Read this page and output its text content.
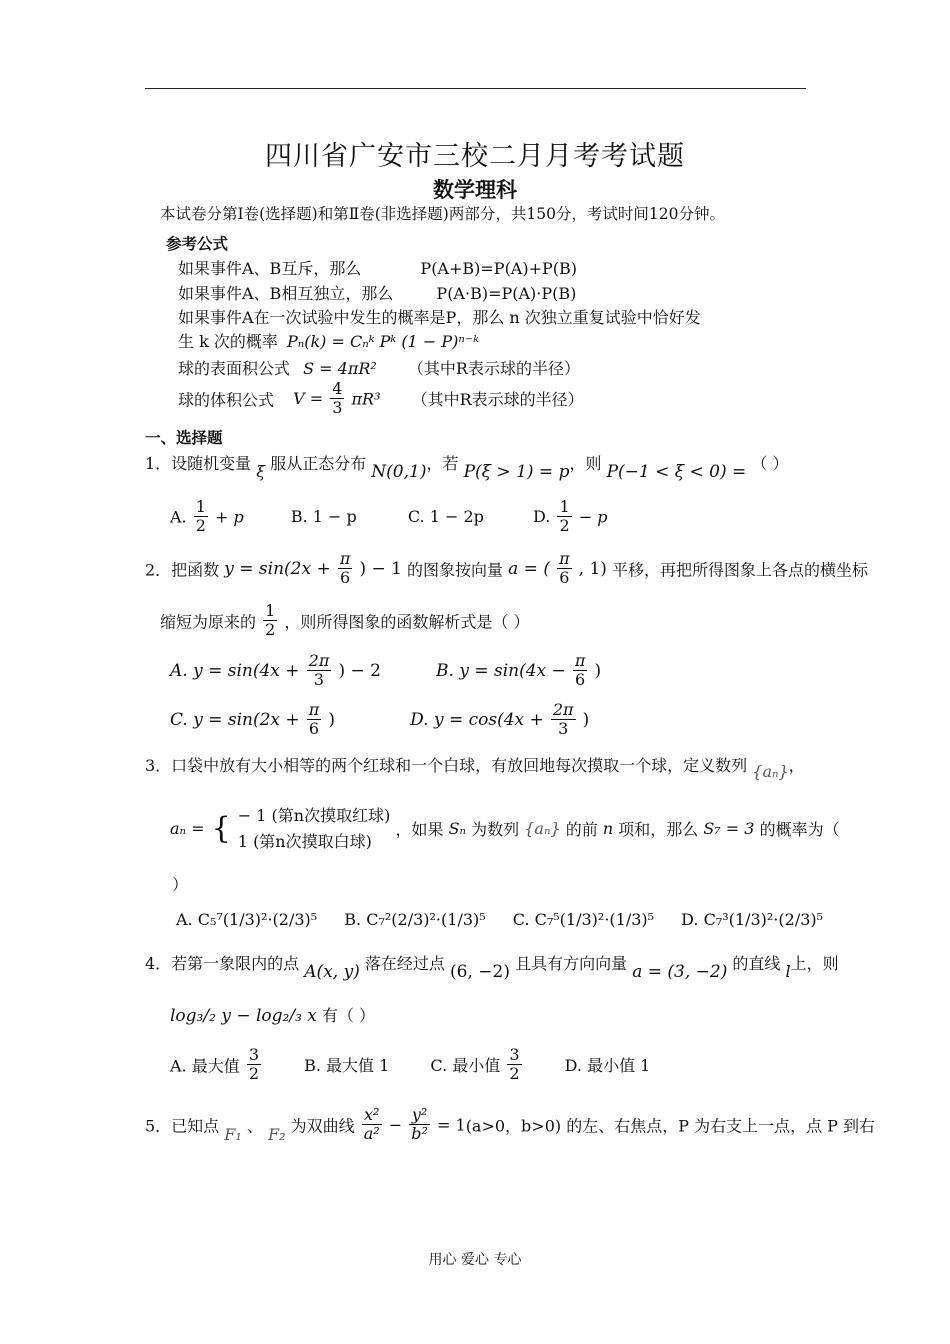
四川省广安市三校二月月考考试题
数学理科
本试卷分第Ⅰ卷(选择题)和第Ⅱ卷(非选择题)两部分，共150分，考试时间120分钟。
参考公式
如果事件A、B互斥，那么	P(A+B)=P(A)+P(B)
如果事件A、B相互独立，那么	P(A·B)=P(A)·P(B)
如果事件A在一次试验中发生的概率是P，那么 n 次独立重复试验中恰好发
生 k 次的概率 Pₙ(k) = Cₙᵏ Pᵏ (1 − P)ⁿ⁻ᵏ
球的表面积公式 S = 4πR² （其中R表示球的半径）
球的体积公式 $V = \frac{4}{3} \pi R^3$ （其中R表示球的半径）
一、选择题
1．设随机变量 ξ 服从正态分布 N(0,1)，若 P(ξ > 1) = p，则 P(−1 < ξ < 0) = （ ）
A. $\frac{1}{2} + p$	B. 1 − p	C. 1 − 2p	D. $\frac{1}{2} - p$
2．把函数 $y = \sin(2x + \frac{\pi}{6}$ ) − 1 的图象按向量 a = ( $\frac{\pi}{6}$ , 1) 平移，再把所得图象上各点的横坐标
缩短为原来的 $\frac{1}{2}$ ，则所得图象的函数解析式是（ ）
A. $y = \sin(4x + \frac{2\pi}{3}$ ) − 2	B. $y = \sin(4x - \frac{\pi}{6}$ )
C. $y = \sin(2x + \frac{\pi}{6}$ )	D. $y = \cos(4x + \frac{2\pi}{3}$ )
3．口袋中放有大小相等的两个红球和一个白球，有放回地每次摸取一个球，定义数列 {aₙ}，
aₙ = { − 1 (第n次摸取红球)
1 (第n次摸取白球)
，如果 Sₙ 为数列 {aₙ} 的前 n 项和，那么 S₇ = 3 的概率为（
）
A. C₅⁷(1/3)²·(2/3)⁵ B. C₇²(2/3)²·(1/3)⁵ C. C₇⁵(1/3)²·(1/3)⁵ D. C₇³(1/3)²·(2/3)⁵
4．若第一象限内的点 A(x, y) 落在经过点 (6, −2) 且具有方向向量 a = (3, −2) 的直线 l上，则
log₃/₂ y − log₂/₃ x 有（ ）
A. 最大值 $\frac{3}{2}$	B. 最大值 1	C. 最小值 $\frac{3}{2}$	D. 最小值 1
5．已知点 F₁ 、 F₂ 为双曲线 $\frac{\text{x²}}{\text{a²}} - \frac{\text{y²}}{\text{b²}} = 1(a>0$，b>0) 的左、右焦点，P 为右支上一点，点 P 到右
用心 爱心 专心
